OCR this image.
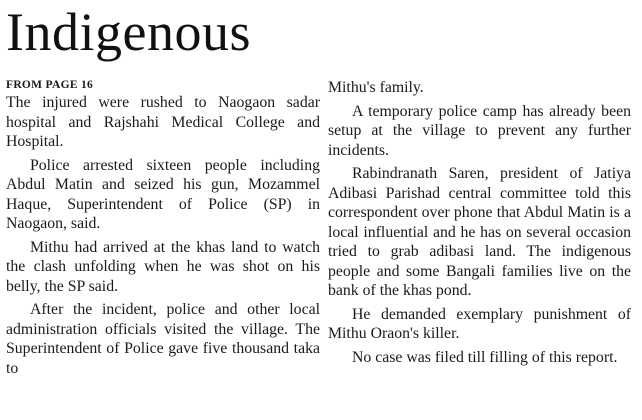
Indigenous

FROM PAGE 16

The injured were rushed to Naogaon sadar hospital and Rajshahi Medical College and Hospital.

Police arrested sixteen people including Abdul Matin and seized his gun, Mozammel Haque, Superintendent of Police (SP) in Naogaon, said.

Mithu had arrived at the khas land to watch the clash unfolding when he was shot on his belly, the SP said.

After the incident, police and other local administration officials visited the village. The Superintendent of Police gave five thousand taka to

Mithu's family.

A temporary police camp has already been setup at the village to prevent any further incidents.

Rabindranath Saren, president of Jatiya Adibasi Parishad central committee told this correspondent over phone that Abdul Matin is a local influential and he has on several occasion tried to grab adibasi land. The indigenous people and some Bangali families live on the bank of the khas pond.

He demanded exemplary punishment of Mithu Oraon's killer.

No case was filed till filling of this report.
